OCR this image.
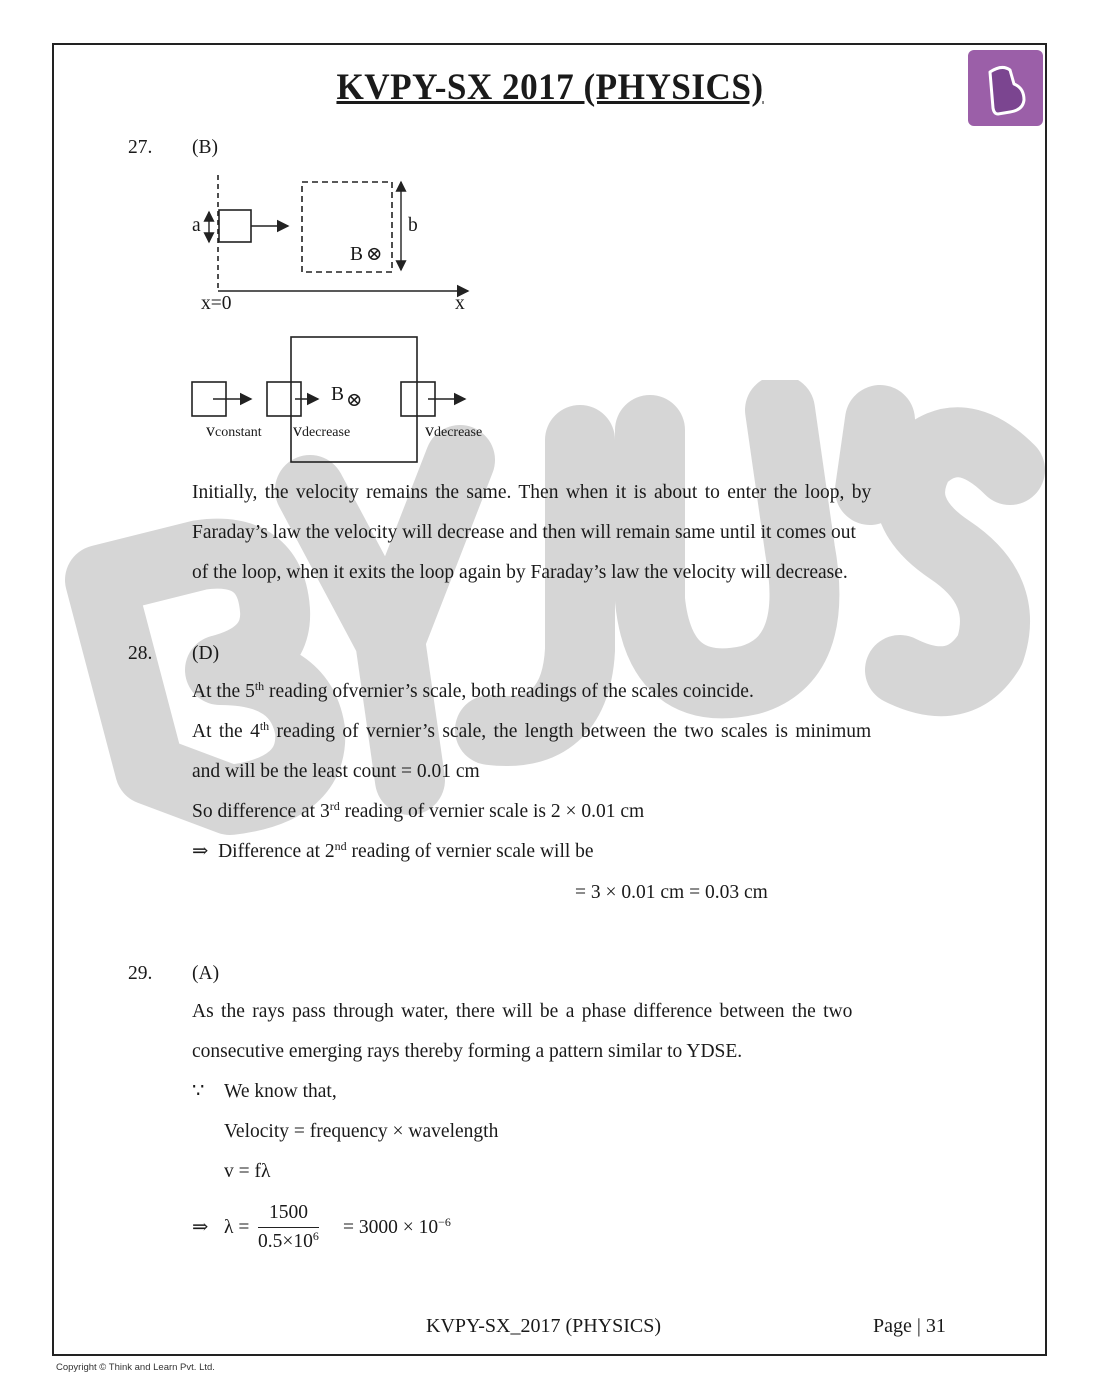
KVPY-SX 2017 (PHYSICS)
27. (B)
a	b
B ⊗
x=0	x
B ⊗
vconstant vdecrease	vdecrease
Initially, the velocity remains the same. Then when it is about to enter the loop, by
Faraday’s law the velocity will decrease and then will remain same until it comes out
of the loop, when it exits the loop again by Faraday’s law the velocity will decrease.
28. (D)
At the 5th reading ofvernier’s scale, both readings of the scales coincide.
At the 4th reading of vernier’s scale, the length between the two scales is minimum
and will be the least count = 0.01 cm
So difference at 3rd reading of vernier scale is 2 × 0.01 cm
⇒ Difference at 2nd reading of vernier scale will be
= 3 × 0.01 cm = 0.03 cm
29. (A)
As the rays pass through water, there will be a phase difference between the two
consecutive emerging rays thereby forming a pattern similar to YDSE.
∵ We know that,
Velocity = frequency × wavelength
v = fλ
⇒ $\lambda = \frac{1500}{0.5\times 10^6} = 3000 \times 10^{-6}$
KVPY-SX_2017 (PHYSICS)	Page | 31
Copyright © Think and Learn Pvt. Ltd.
